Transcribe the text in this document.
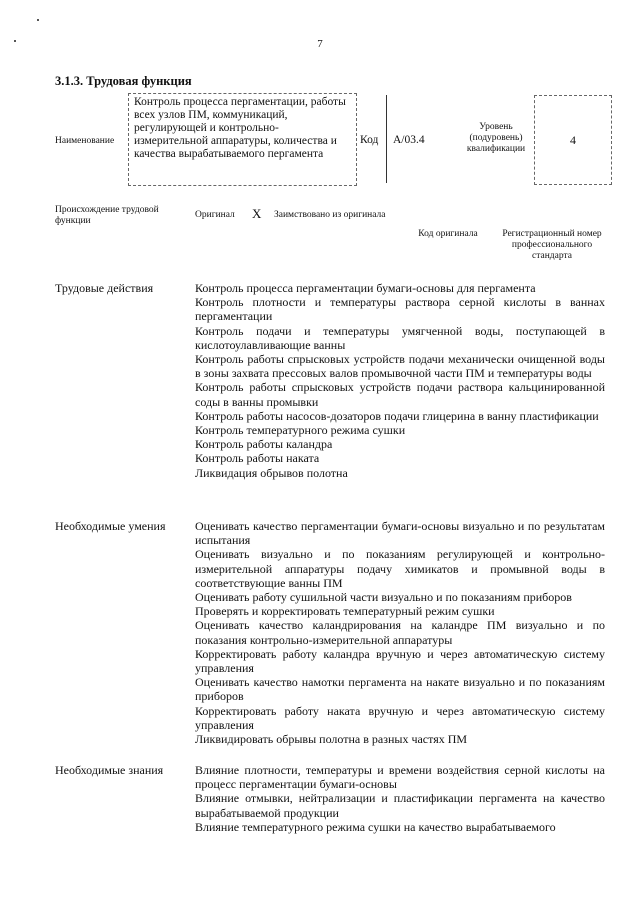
7
3.1.3. Трудовая функция
Наименование
Контроль процесса пергаментации, работы всех узлов ПМ, коммуникаций, регулирующей и контрольно-измерительной аппаратуры, количества и качества вырабатываемого пергамента
Код A/03.4
Уровень (подуровень) квалификации
4
Происхождение трудовой функции
Оригинал X Заимствовано из оригинала
Код оригинала	Регистрационный номер профессионального стандарта
Трудовые действия	Контроль процесса пергаментации бумаги-основы для пергамента
Контроль плотности и температуры раствора серной кислоты в ваннах пергаментации
Контроль подачи и температуры умягченной воды, поступающей в кислотоулавливающие ванны
Контроль работы спрысковых устройств подачи механически очищенной воды в зоны захвата прессовых валов промывочной части ПМ и температуры воды
Контроль работы спрысковых устройств подачи раствора кальцинированной соды в ванны промывки
Контроль работы насосов-дозаторов подачи глицерина в ванну пластификации
Контроль температурного режима сушки
Контроль работы каландра
Контроль работы наката
Ликвидация обрывов полотна
Необходимые умения	Оценивать качество пергаментации бумаги-основы визуально и по результатам испытания
Оценивать визуально и по показаниям регулирующей и контрольно-измерительной аппаратуры подачу химикатов и промывной воды в соответствующие ванны ПМ
Оценивать работу сушильной части визуально и по показаниям приборов
Проверять и корректировать температурный режим сушки
Оценивать качество каландрирования на каландре ПМ визуально и по показания контрольно-измерительной аппаратуры
Корректировать работу каландра вручную и через автоматическую систему управления
Оценивать качество намотки пергамента на накате визуально и по показаниям приборов
Корректировать работу наката вручную и через автоматическую систему управления
Ликвидировать обрывы полотна в разных частях ПМ
Необходимые знания	Влияние плотности, температуры и времени воздействия серной кислоты на процесс пергаментации бумаги-основы
Влияние отмывки, нейтрализации и пластификации пергамента на качество вырабатываемой продукции
Влияние температурного режима сушки на качество вырабатываемого
